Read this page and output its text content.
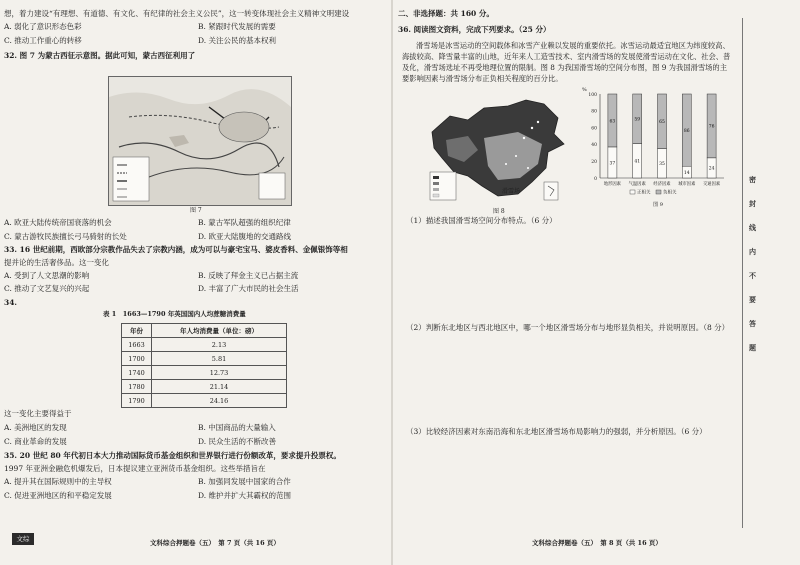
想，着力建设“有理想、有道德、有文化、有纪律的社会主义公民”，这一转变体现社会主义精神文明建设
A. 弱化了意识形态色彩	B. 紧跟时代发展的需要
C. 推动工作重心的转移	D. 关注公民的基本权利
32. 图 7 为蒙古西征示意图。据此可知，蒙古西征利用了
图 7
A. 欧亚大陆传统帝国衰落的机会	B. 蒙古军队超强的组织纪律
C. 蒙古游牧民族擅长弓马骑射的长处	D. 欧亚大陆腹地的交通路线
33. 16 世纪前期，西欧部分宗教作品失去了宗教内涵，成为可以与豪宅宝马、婆皮香料、金佩银饰等相
提并论的生活奢侈品。这一变化
A. 受到了人文思潮的影响	B. 反映了拜金主义已占据主流
C. 推动了文艺复兴的兴起	D. 丰富了广大市民的社会生活
34.
表 1　1663—1790 年英国国内人均蔗糖消费量
年份	年人均消费量（单位：磅）
1663	2.13
1700	5.81
1740	12.73
1780	21.14
1790	24.16
这一变化主要得益于
A. 美洲地区的发现	B. 中国商品的大量输入
C. 商业革命的发展	D. 民众生活的不断改善
35. 20 世纪 80 年代初日本大力推动国际货币基金组织和世界银行进行份额改革，要求提升投票权。
1997 年亚洲金融危机爆发后，日本提议建立亚洲货币基金组织。这些举措旨在
A. 提升其在国际规则中的主导权	B. 加强同发展中国家的合作
C. 促进亚洲地区的和平稳定发展	D. 维护并扩大其霸权的范围
文综	文科综合押题卷（五）　第 7 页（共 16 页）
二、非选择题：共 160 分。
36. 阅读图文资料，完成下列要求。（25 分）
滑雪场是冰雪运动的空间载体和冰雪产业赖以发展的重要依托。冰雪运动最适宜地区为纬度较高、海拔较高、降雪量丰富的山地，近年来人工造雪技术、室内滑雪场的发展使滑雪运动在文化、社会、普及化，滑雪场选址不再受地理位置的限制。图 8 为我国滑雪场的空间分布图，图 9 为我国滑雪场的主要影响因素与滑雪场分布正负相关程度的百分比。
滑雪场
图 8
%
0
20
40
60
80
100
37
63
地形因素
41
59
气温因素
35
65
经济因素
14
86
城市因素
24
76
交通因素
正相关	负相关
图 9
（1）描述我国滑雪场空间分布特点。（6 分）
（2）判断东北地区与西北地区中，哪一个地区滑雪场分布与地形显负相关，并说明原因。（8 分）
（3）比较经济因素对东南沿海和东北地区滑雪场布局影响力的强弱，并分析原因。（6 分）
密
封
线
内
不
要
答
题
文科综合押题卷（五）　第 8 页（共 16 页）
